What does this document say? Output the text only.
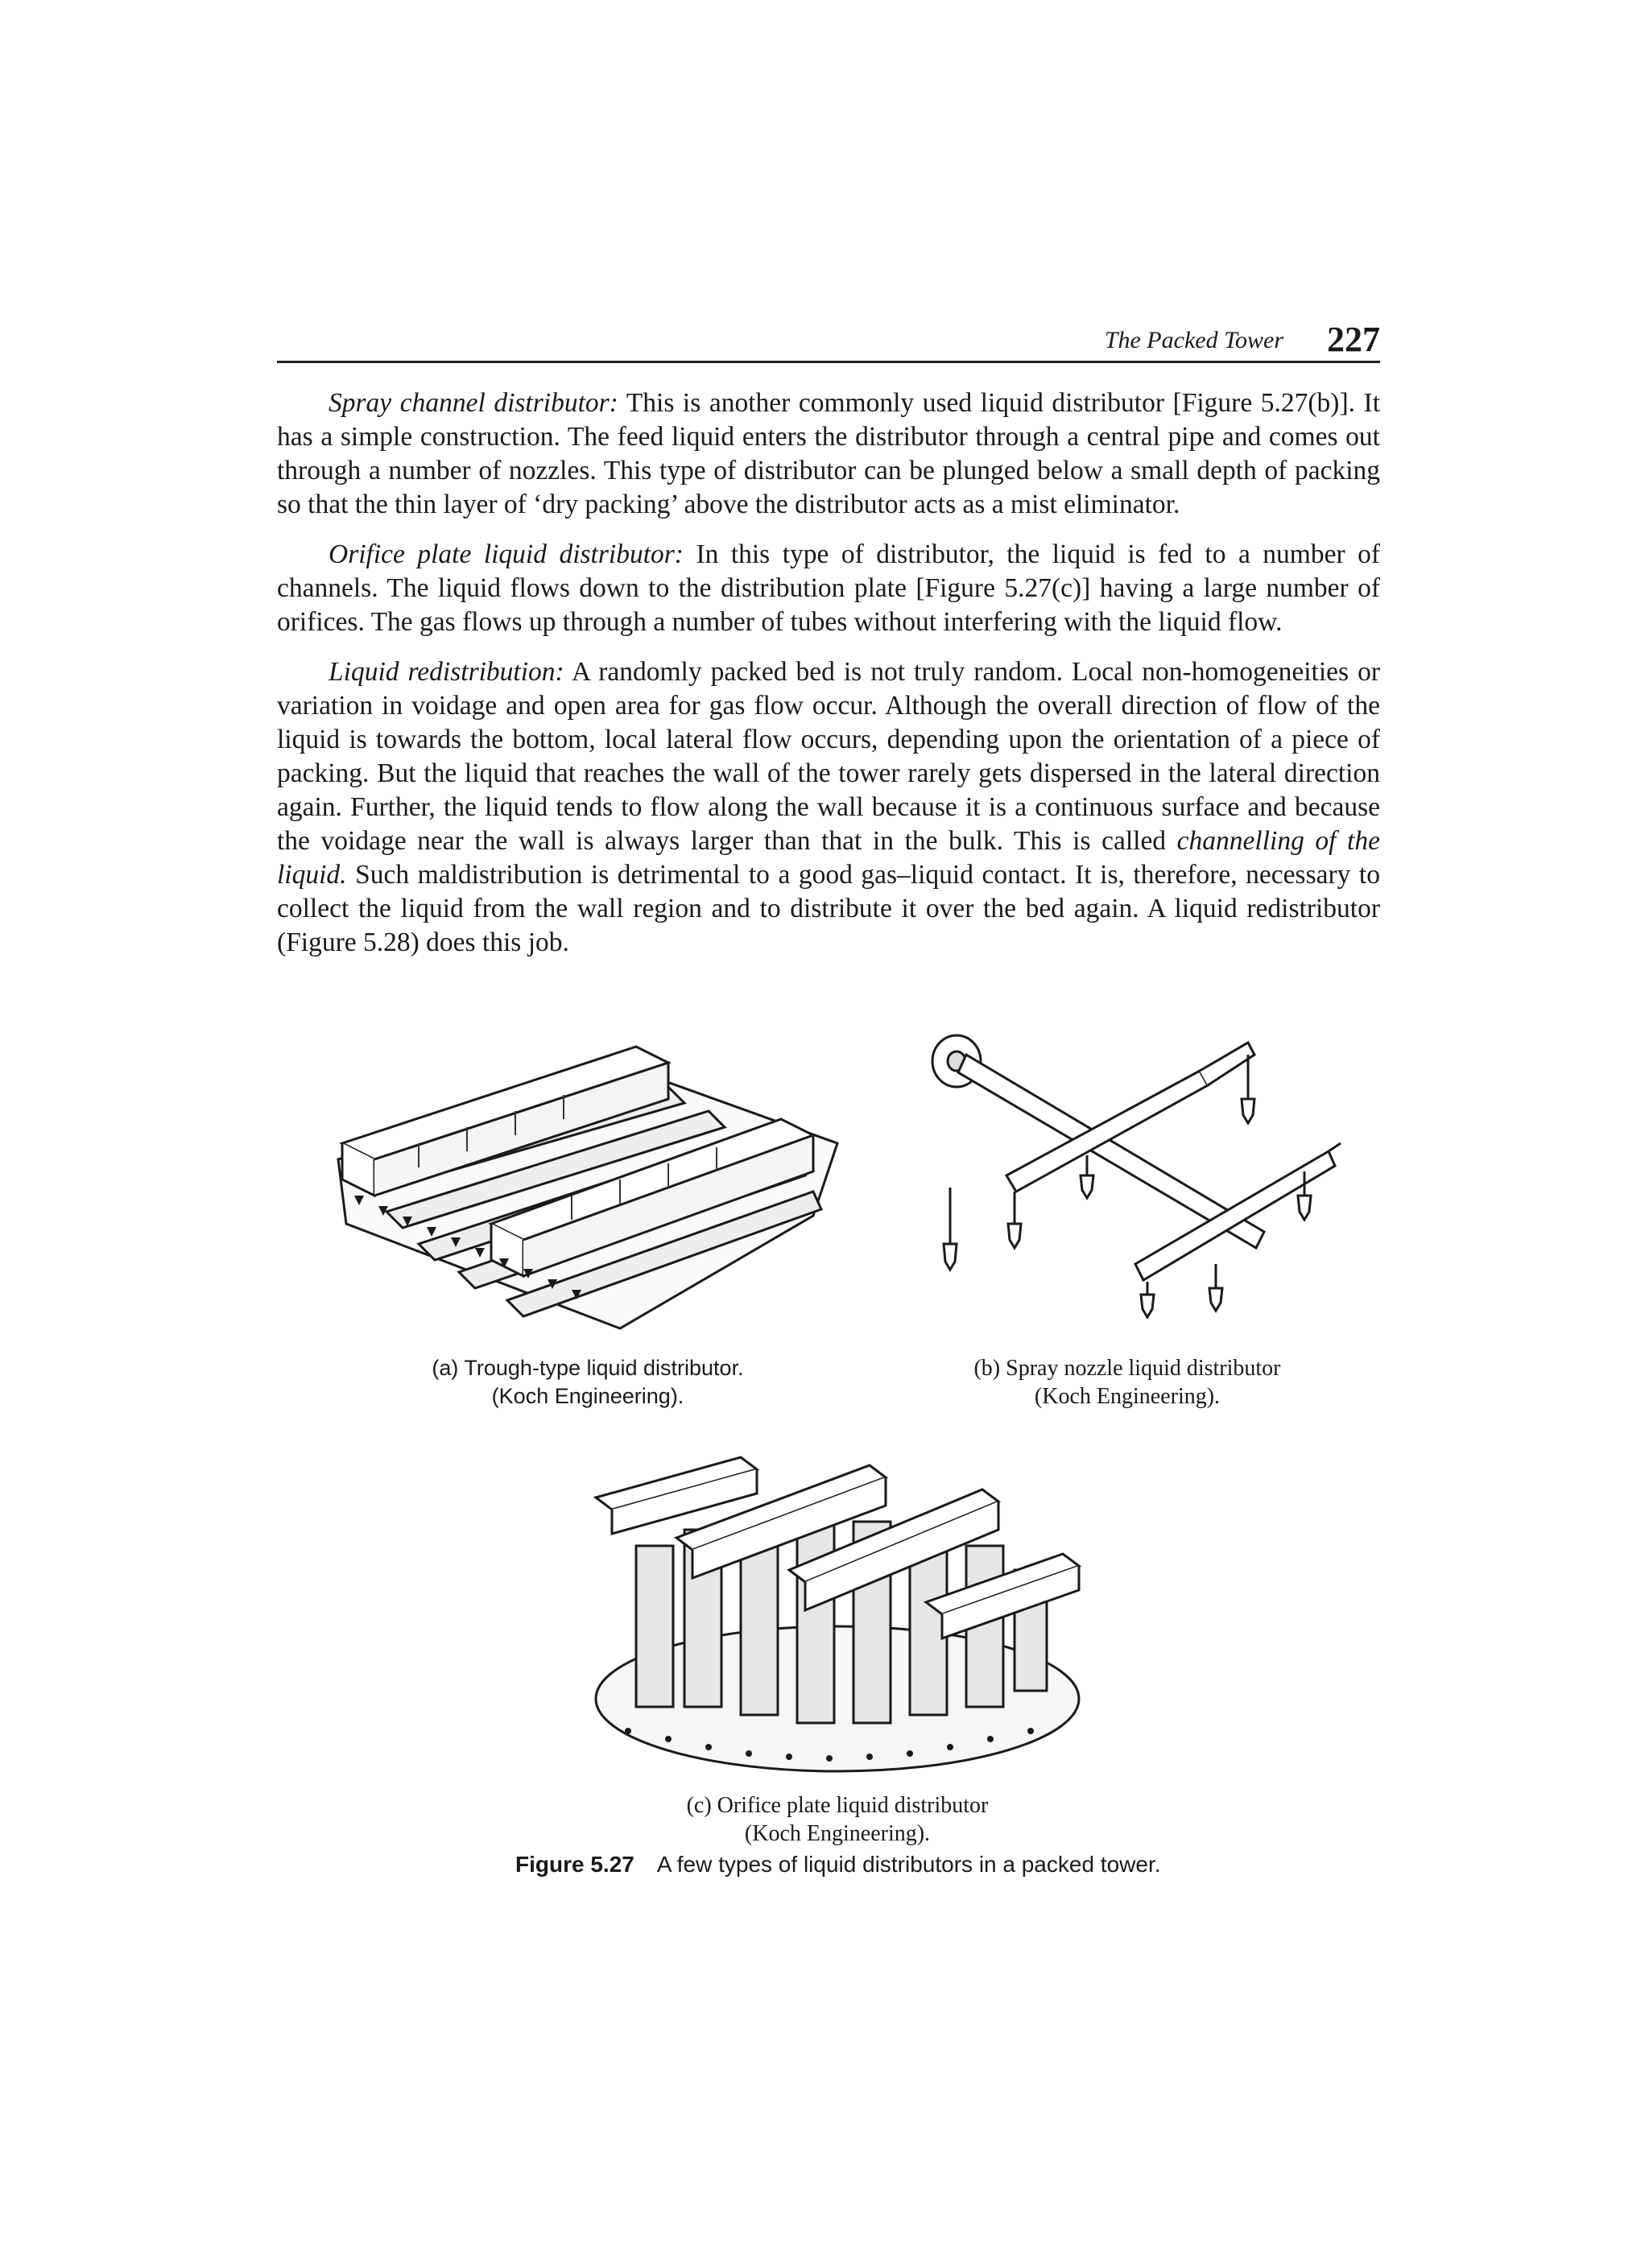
The Packed Tower 227

Spray channel distributor: This is another commonly used liquid distributor [Figure 5.27(b)]. It has a simple construction. The feed liquid enters the distributor through a central pipe and comes out through a number of nozzles. This type of distributor can be plunged below a small depth of packing so that the thin layer of ‘dry packing’ above the distributor acts as a mist eliminator.

Orifice plate liquid distributor: In this type of distributor, the liquid is fed to a number of channels. The liquid flows down to the distribution plate [Figure 5.27(c)] having a large number of orifices. The gas flows up through a number of tubes without interfering with the liquid flow.

Liquid redistribution: A randomly packed bed is not truly random. Local non-homogeneities or variation in voidage and open area for gas flow occur. Although the overall direction of flow of the liquid is towards the bottom, local lateral flow occurs, depending upon the orientation of a piece of packing. But the liquid that reaches the wall of the tower rarely gets dispersed in the lateral direction again. Further, the liquid tends to flow along the wall because it is a continuous surface and because the voidage near the wall is always larger than that in the bulk. This is called channelling of the liquid. Such maldistribution is detrimental to a good gas–liquid contact. It is, therefore, necessary to collect the liquid from the wall region and to distribute it over the bed again. A liquid redistributor (Figure 5.28) does this job.

(a) Trough-type liquid distributor.
(Koch Engineering).
(b) Spray nozzle liquid distributor
(Koch Engineering).
(c) Orifice plate liquid distributor
(Koch Engineering).
Figure 5.27 A few types of liquid distributors in a packed tower.
